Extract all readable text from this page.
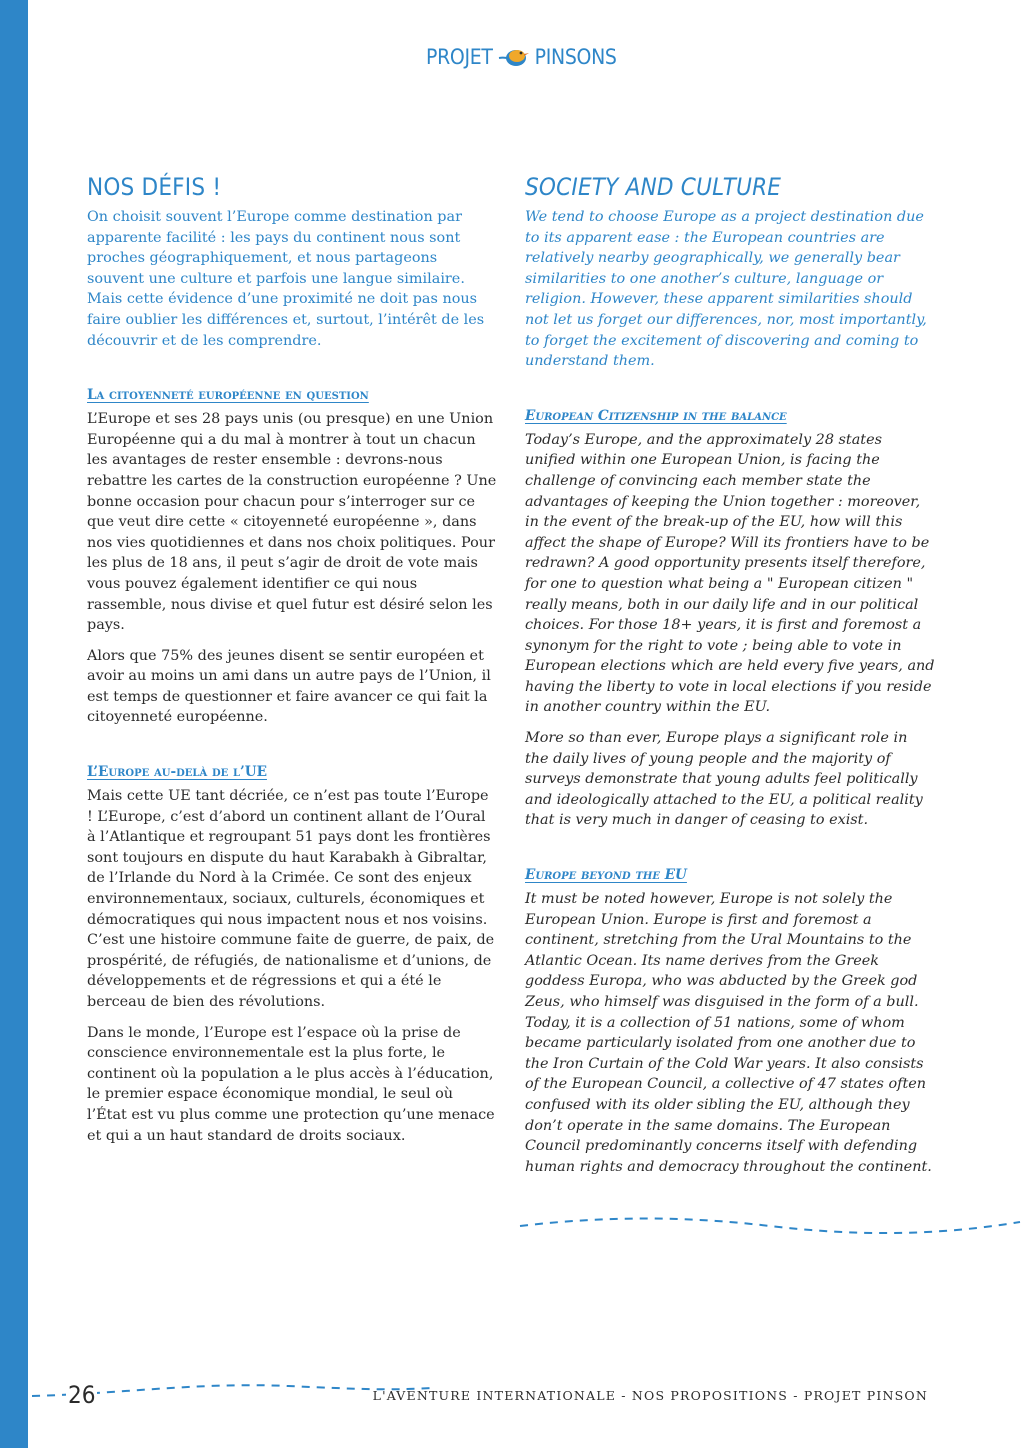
PROJET PINSONS
NOS DÉFIS !

On choisit souvent l’Europe comme destination par apparente facilité : les pays du continent nous sont proches géographiquement, et nous partageons souvent une culture et parfois une langue similaire. Mais cette évidence d’une proximité ne doit pas nous faire oublier les différences et, surtout, l’intérêt de les découvrir et de les comprendre.

La citoyenneté européenne en question

L’Europe et ses 28 pays unis (ou presque) en une Union Européenne qui a du mal à montrer à tout un chacun les avantages de rester ensemble : devrons-nous rebattre les cartes de la construction européenne ? Une bonne occasion pour chacun pour s’interroger sur ce que veut dire cette « citoyenneté européenne », dans nos vies quotidiennes et dans nos choix politiques. Pour les plus de 18 ans, il peut s’agir de droit de vote mais vous pouvez également identifier ce qui nous rassemble, nous divise et quel futur est désiré selon les pays.

Alors que 75% des jeunes disent se sentir européen et avoir au moins un ami dans un autre pays de l’Union, il est temps de questionner et faire avancer ce qui fait la citoyenneté européenne.

L’Europe au-delà de l’UE

Mais cette UE tant décriée, ce n’est pas toute l’Europe ! L’Europe, c’est d’abord un continent allant de l’Oural à l’Atlantique et regroupant 51 pays dont les frontières sont toujours en dispute du haut Karabakh à Gibraltar, de l’Irlande du Nord à la Crimée. Ce sont des enjeux environnementaux, sociaux, culturels, économiques et démocratiques qui nous impactent nous et nos voisins. C’est une histoire commune faite de guerre, de paix, de prospérité, de réfugiés, de nationalisme et d’unions, de développements et de régressions et qui a été le berceau de bien des révolutions.

Dans le monde, l’Europe est l’espace où la prise de conscience environnementale est la plus forte, le continent où la population a le plus accès à l’éducation, le premier espace économique mondial, le seul où l’État est vu plus comme une protection qu’une menace et qui a un haut standard de droits sociaux.

SOCIETY AND CULTURE

We tend to choose Europe as a project destination due to its apparent ease : the European countries are relatively nearby geographically, we generally bear similarities to one another’s culture, language or religion. However, these apparent similarities should not let us forget our differences, nor, most importantly, to forget the excitement of discovering and coming to understand them.

European Citizenship in the balance

Today’s Europe, and the approximately 28 states unified within one European Union, is facing the challenge of convincing each member state the advantages of keeping the Union together : moreover, in the event of the break-up of the EU, how will this affect the shape of Europe? Will its frontiers have to be redrawn? A good opportunity presents itself therefore, for one to question what being a " European citizen " really means, both in our daily life and in our political choices. For those 18+ years, it is first and foremost a synonym for the right to vote ; being able to vote in European elections which are held every five years, and having the liberty to vote in local elections if you reside in another country within the EU.

More so than ever, Europe plays a significant role in the daily lives of young people and the majority of surveys demonstrate that young adults feel politically and ideologically attached to the EU, a political reality that is very much in danger of ceasing to exist.

Europe beyond the EU

It must be noted however, Europe is not solely the European Union. Europe is first and foremost a continent, stretching from the Ural Mountains to the Atlantic Ocean. Its name derives from the Greek goddess Europa, who was abducted by the Greek god Zeus, who himself was disguised in the form of a bull. Today, it is a collection of 51 nations, some of whom became particularly isolated from one another due to the Iron Curtain of the Cold War years. It also consists of the European Council, a collective of 47 states often confused with its older sibling the EU, although they don’t operate in the same domains. The European Council predominantly concerns itself with defending human rights and democracy throughout the continent.

26	L'AVENTURE INTERNATIONALE - NOS PROPOSITIONS - PROJET PINSON
